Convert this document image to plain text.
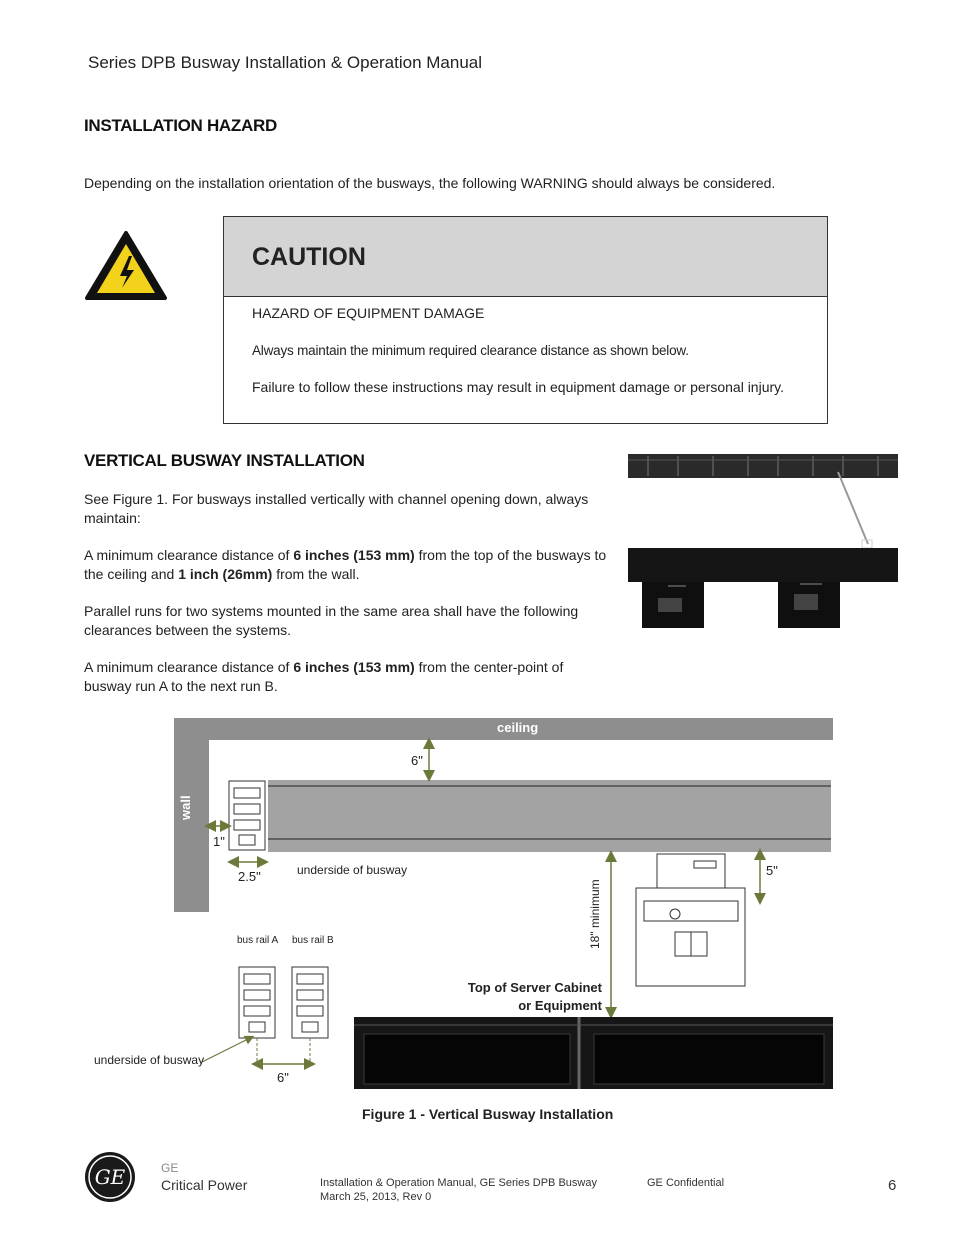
Series DPB Busway Installation & Operation Manual
INSTALLATION HAZARD
Depending on the installation orientation of the busways, the following WARNING should always be considered.
CAUTION
HAZARD OF EQUIPMENT DAMAGE
Always maintain the minimum required clearance distance as shown below.
Failure to follow these instructions may result in equipment damage or personal injury.
VERTICAL BUSWAY INSTALLATION
See Figure 1. For busways installed vertically with channel opening down, always maintain:
A minimum clearance distance of 6 inches (153 mm) from the top of the busways to the ceiling and 1 inch (26mm) from the wall.
Parallel runs for two systems mounted in the same area shall have the following clearances between the systems.
A minimum clearance distance of 6 inches (153 mm) from the center-point of busway run A to the next run B.
ceiling
wall
6"
1"
2.5"	underside of busway
18" minimum
5"
bus rail A bus rail B
Top of Server Cabinet
or Equipment
underside of busway
6"
Figure 1 - Vertical Busway Installation
GE	GE
Critical Power	Installation & Operation Manual, GE Series DPB Busway
March 25, 2013, Rev 0
GE Confidential	6
